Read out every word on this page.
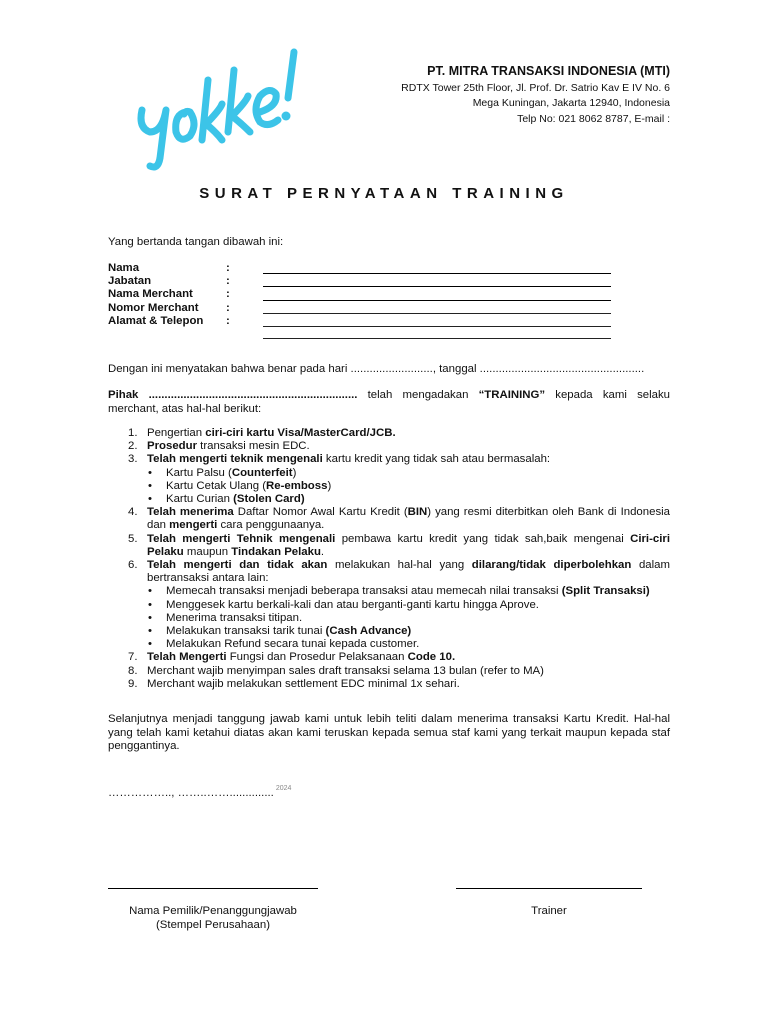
PT. MITRA TRANSAKSI INDONESIA (MTI)
RDTX Tower 25th Floor, Jl. Prof. Dr. Satrio Kav E IV No. 6
Mega Kuningan, Jakarta 12940, Indonesia
Telp No: 021 8062 8787, E-mail :
SURAT PERNYATAAN TRAINING
Yang bertanda tangan dibawah ini:
Nama	:
Jabatan	:
Nama Merchant	:
Nomor Merchant :
Alamat & Telepon :
Dengan ini menyatakan bahwa benar pada hari .........................., tanggal ....................................................
Pihak .................................................................. telah mengadakan “TRAINING” kepada kami selaku merchant, atas hal-hal berikut:
1. Pengertian ciri-ciri kartu Visa/MasterCard/JCB.
2. Prosedur transaksi mesin EDC.
3. Telah mengerti teknik mengenali kartu kredit yang tidak sah atau bermasalah:
• Kartu Palsu (Counterfeit)
• Kartu Cetak Ulang (Re-emboss)
• Kartu Curian (Stolen Card)
4. Telah menerima Daftar Nomor Awal Kartu Kredit (BIN) yang resmi diterbitkan oleh Bank di Indonesia dan mengerti cara penggunaanya.
5. Telah mengerti Tehnik mengenali pembawa kartu kredit yang tidak sah,baik mengenai Ciri-ciri Pelaku maupun Tindakan Pelaku.
6. Telah mengerti dan tidak akan melakukan hal-hal yang dilarang/tidak diperbolehkan dalam bertransaksi antara lain:
• Memecah transaksi menjadi beberapa transaksi atau memecah nilai transaksi (Split Transaksi)
• Menggesek kartu berkali-kali dan atau berganti-ganti kartu hingga Aprove.
• Menerima transaksi titipan.
• Melakukan transaksi tarik tunai (Cash Advance)
• Melakukan Refund secara tunai kepada customer.
7. Telah Mengerti Fungsi dan Prosedur Pelaksanaan Code 10.
8. Merchant wajib menyimpan sales draft transaksi selama 13 bulan (refer to MA)
9. Merchant wajib melakukan settlement EDC minimal 1x sehari.
Selanjutnya menjadi tanggung jawab kami untuk lebih teliti dalam menerima transaksi Kartu Kredit. Hal-hal yang telah kami ketahui diatas akan kami teruskan kepada semua staf kami yang terkait maupun kepada staf penggantinya.
…………….., ……..…….............. $^{2024}$
Nama Pemilik/Penanggungjawab
(Stempel Perusahaan)
Trainer
